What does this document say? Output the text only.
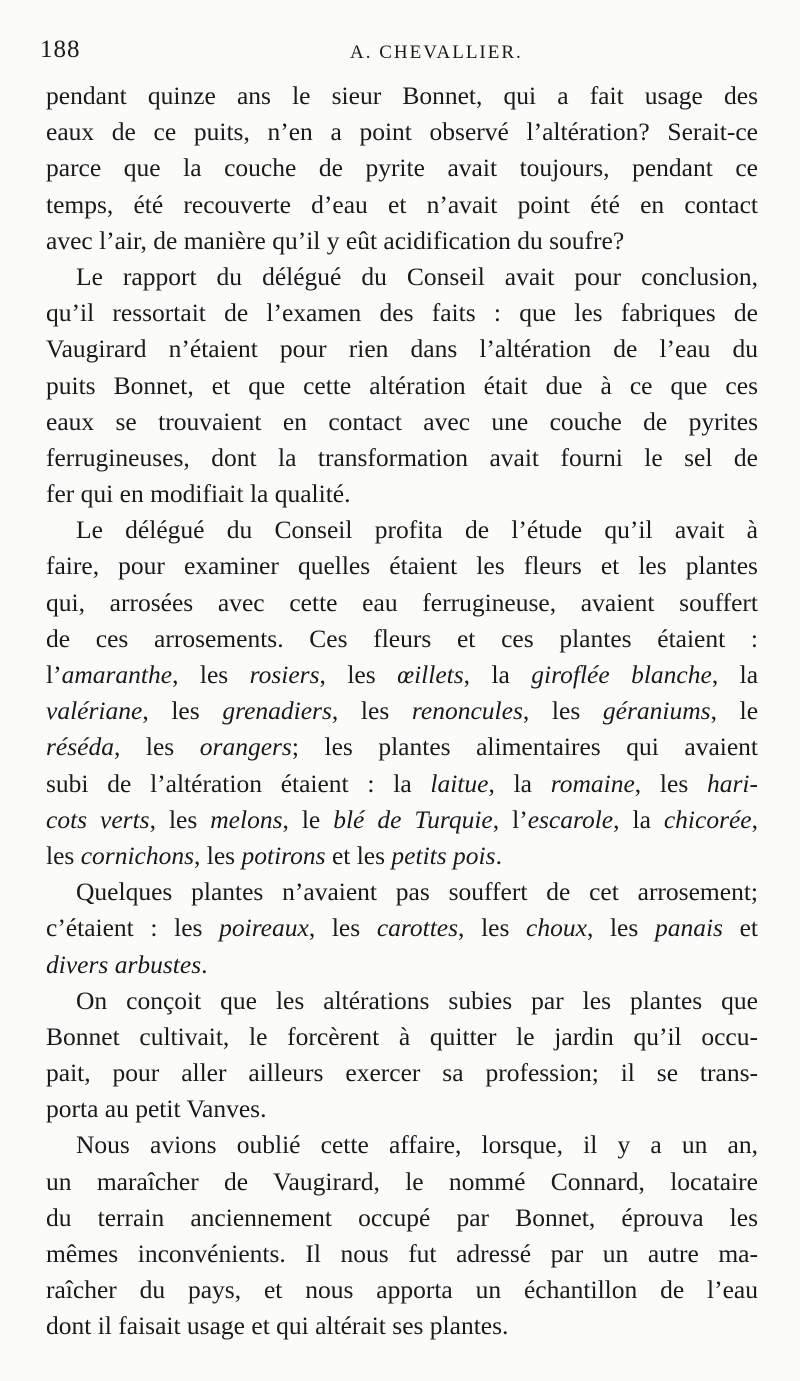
188	A. CHEVALLIER.
pendant quinze ans le sieur Bonnet, qui a fait usage des
eaux de ce puits, n’en a point observé l’altération? Serait-ce
parce que la couche de pyrite avait toujours, pendant ce
temps, été recouverte d’eau et n’avait point été en contact
avec l’air, de manière qu’il y eût acidification du soufre?
Le rapport du délégué du Conseil avait pour conclusion,
qu’il ressortait de l’examen des faits : que les fabriques de
Vaugirard n’étaient pour rien dans l’altération de l’eau du
puits Bonnet, et que cette altération était due à ce que ces
eaux se trouvaient en contact avec une couche de pyrites
ferrugineuses, dont la transformation avait fourni le sel de
fer qui en modifiait la qualité.
Le délégué du Conseil profita de l’étude qu’il avait à
faire, pour examiner quelles étaient les fleurs et les plantes
qui, arrosées avec cette eau ferrugineuse, avaient souffert
de ces arrosements. Ces fleurs et ces plantes étaient :
l’amaranthe, les rosiers, les œillets, la giroflée blanche, la
valériane, les grenadiers, les renoncules, les géraniums, le
réséda, les orangers; les plantes alimentaires qui avaient
subi de l’altération étaient : la laitue, la romaine, les hari-
cots verts, les melons, le blé de Turquie, l’escarole, la chicorée,
les cornichons, les potirons et les petits pois.
Quelques plantes n’avaient pas souffert de cet arrosement;
c’étaient : les poireaux, les carottes, les choux, les panais et
divers arbustes.
On conçoit que les altérations subies par les plantes que
Bonnet cultivait, le forcèrent à quitter le jardin qu’il occu-
pait, pour aller ailleurs exercer sa profession; il se trans-
porta au petit Vanves.
Nous avions oublié cette affaire, lorsque, il y a un an,
un maraîcher de Vaugirard, le nommé Connard, locataire
du terrain anciennement occupé par Bonnet, éprouva les
mêmes inconvénients. Il nous fut adressé par un autre ma-
raîcher du pays, et nous apporta un échantillon de l’eau
dont il faisait usage et qui altérait ses plantes.
